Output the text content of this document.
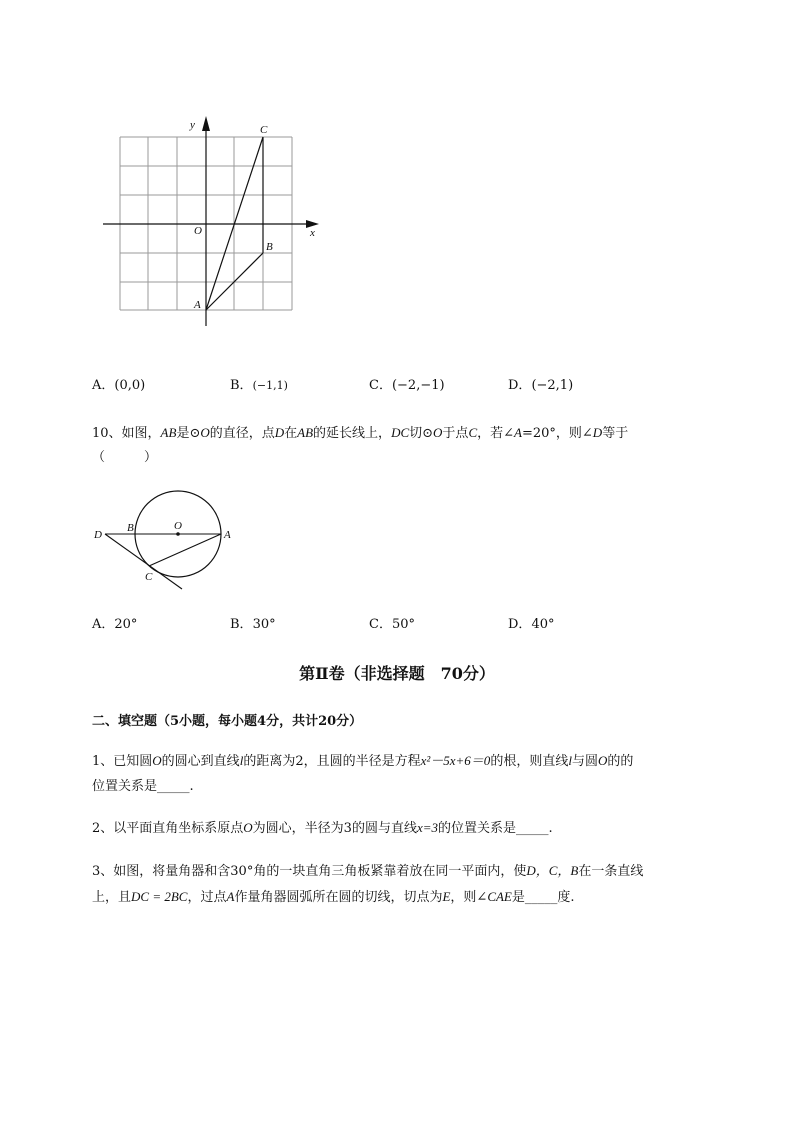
y
x
O
A
B
C
A．(0,0)	B．(−1,1)	C．(−2,−1)	D．(−2,1)
10、如图，AB是⊙O的直径，点D在AB的延长线上，DC切⊙O于点C，若∠A=20°，则∠D等于
（　　　）
D
B	O
A
C
A．20°	B．30°	C．50°	D．40°
第Ⅱ卷（非选择题　70分）
二、填空题（5小题，每小题4分，共计20分）
1、已知圆O的圆心到直线l的距离为2，且圆的半径是方程x²－5x+6＝0的根，则直线l与圆O的的
位置关系是_____.
2、以平面直角坐标系原点O为圆心，半径为3的圆与直线x=3的位置关系是_____.
3、如图，将量角器和含30°角的一块直角三角板紧靠着放在同一平面内，使D，C，B在一条直线
上，且DC = 2BC，过点A作量角器圆弧所在圆的切线，切点为E，则∠CAE是_____度.
